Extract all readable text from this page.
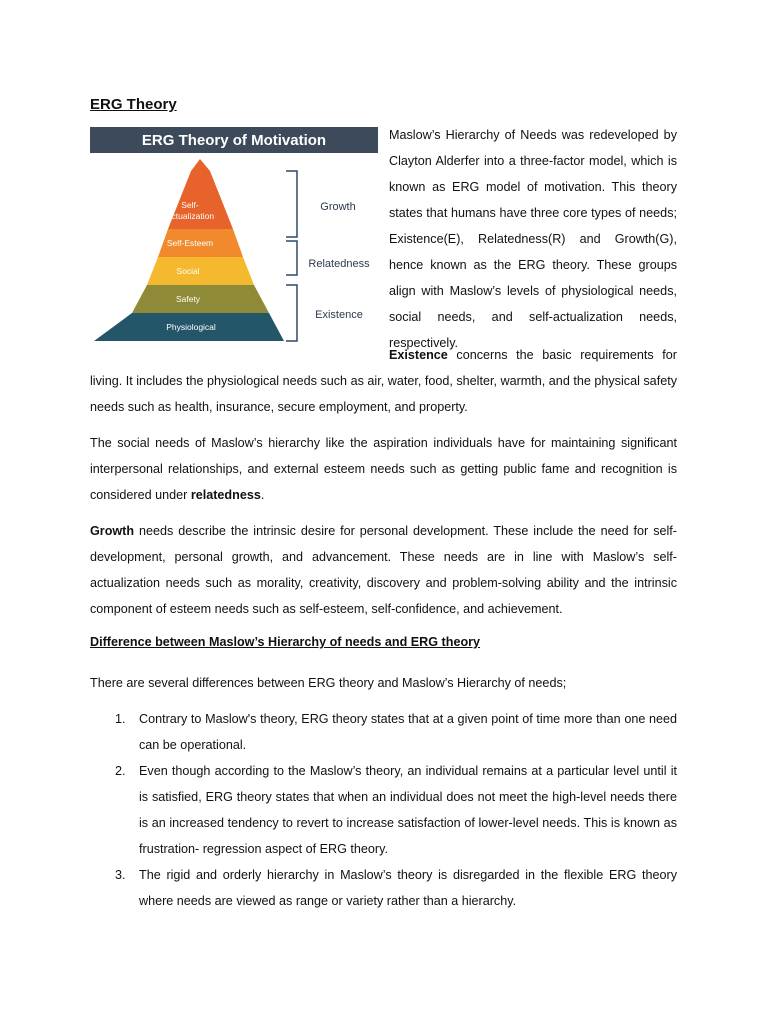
ERG Theory
ERG Theory of Motivation
Self-
Actualization
Self-Esteem
Social
Safety
Physiological
Growth
Relatedness
Existence

Maslow’s Hierarchy of Needs was redeveloped by Clayton Alderfer into a three-factor model, which is known as ERG model of motivation. This theory states that humans have three core types of needs; Existence(E), Relatedness(R) and Growth(G), hence known as the ERG theory. These groups align with Maslow’s levels of physiological needs, social needs, and self-actualization needs, respectively.

Existence concerns the basic requirements for living. It includes the physiological needs such as air, water, food, shelter, warmth, and the physical safety needs such as health, insurance, secure employment, and property.

The social needs of Maslow’s hierarchy like the aspiration individuals have for maintaining significant interpersonal relationships, and external esteem needs such as getting public fame and recognition is considered under relatedness.

Growth needs describe the intrinsic desire for personal development. These include the need for self-development, personal growth, and advancement. These needs are in line with Maslow’s self-actualization needs such as morality, creativity, discovery and problem-solving ability and the intrinsic component of esteem needs such as self-esteem, self-confidence, and achievement.

Difference between Maslow’s Hierarchy of needs and ERG theory

There are several differences between ERG theory and Maslow’s Hierarchy of needs;

1. Contrary to Maslow's theory, ERG theory states that at a given point of time more than one need can be operational.
2. Even though according to the Maslow’s theory, an individual remains at a particular level until it is satisfied, ERG theory states that when an individual does not meet the high-level needs there is an increased tendency to revert to increase satisfaction of lower-level needs. This is known as frustration- regression aspect of ERG theory.
3. The rigid and orderly hierarchy in Maslow’s theory is disregarded in the flexible ERG theory where needs are viewed as range or variety rather than a hierarchy.
